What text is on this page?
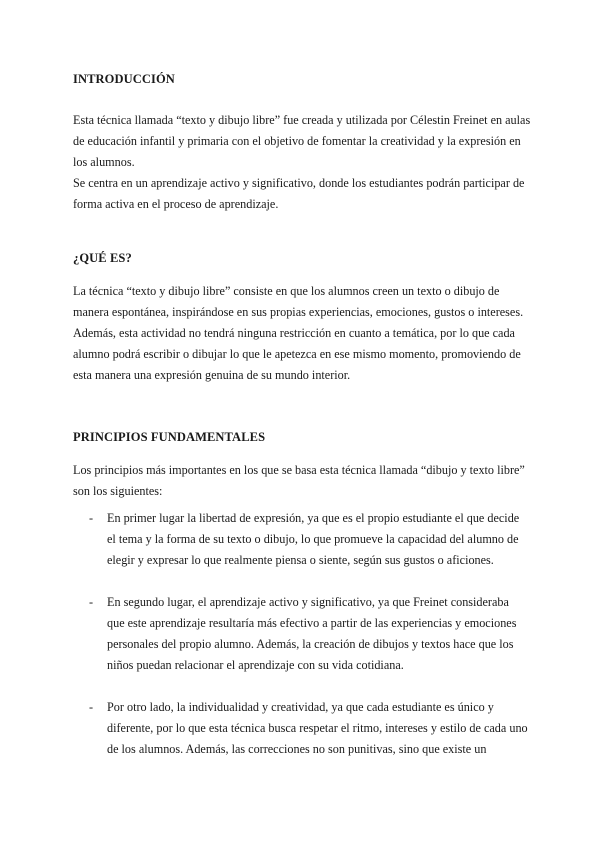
INTRODUCCIÓN

Esta técnica llamada “texto y dibujo libre” fue creada y utilizada por Célestin Freinet en aulas
de educación infantil y primaria con el objetivo de fomentar la creatividad y la expresión en
los alumnos.
Se centra en un aprendizaje activo y significativo, donde los estudiantes podrán participar de
forma activa en el proceso de aprendizaje.

¿QUÉ ES?

La técnica “texto y dibujo libre” consiste en que los alumnos creen un texto o dibujo de
manera espontánea, inspirándose en sus propias experiencias, emociones, gustos o intereses.
Además, esta actividad no tendrá ninguna restricción en cuanto a temática, por lo que cada
alumno podrá escribir o dibujar lo que le apetezca en ese mismo momento, promoviendo de
esta manera una expresión genuina de su mundo interior.

PRINCIPIOS FUNDAMENTALES

Los principios más importantes en los que se basa esta técnica llamada “dibujo y texto libre”
son los siguientes:

- En primer lugar la libertad de expresión, ya que es el propio estudiante el que decide
el tema y la forma de su texto o dibujo, lo que promueve la capacidad del alumno de
elegir y expresar lo que realmente piensa o siente, según sus gustos o aficiones.
- En segundo lugar, el aprendizaje activo y significativo, ya que Freinet consideraba
que este aprendizaje resultaría más efectivo a partir de las experiencias y emociones
personales del propio alumno. Además, la creación de dibujos y textos hace que los
niños puedan relacionar el aprendizaje con su vida cotidiana.
- Por otro lado, la individualidad y creatividad, ya que cada estudiante es único y
diferente, por lo que esta técnica busca respetar el ritmo, intereses y estilo de cada uno
de los alumnos. Además, las correcciones no son punitivas, sino que existe un
